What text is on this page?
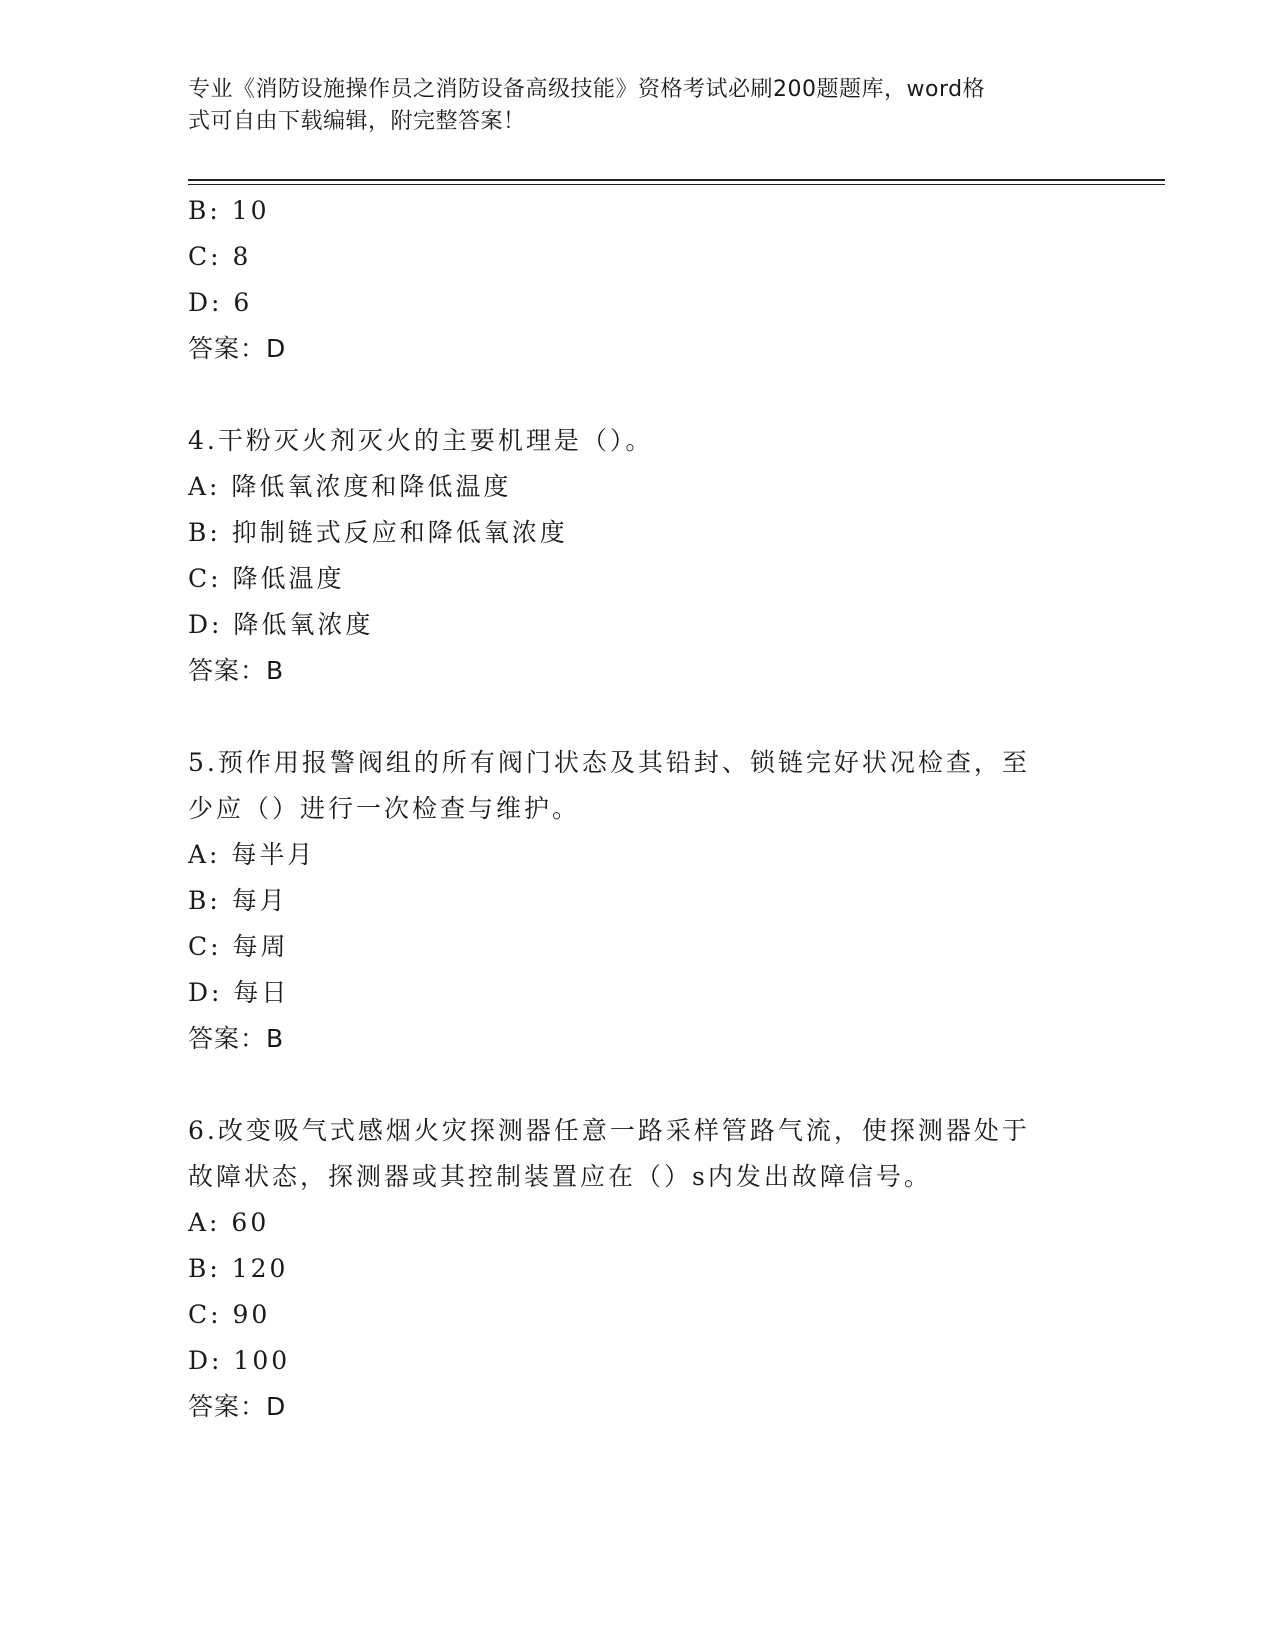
专业《消防设施操作员之消防设备高级技能》资格考试必刷200题题库，word格
式可自由下载编辑，附完整答案！
B: 10
C: 8
D: 6
答案：D
4.干粉灭火剂灭火的主要机理是（）。
A: 降低氧浓度和降低温度
B: 抑制链式反应和降低氧浓度
C: 降低温度
D: 降低氧浓度
答案：B
5.预作用报警阀组的所有阀门状态及其铅封、锁链完好状况检查，至
少应（）进行一次检查与维护。
A: 每半月
B: 每月
C: 每周
D: 每日
答案：B
6.改变吸气式感烟火灾探测器任意一路采样管路气流，使探测器处于
故障状态，探测器或其控制装置应在（）s内发出故障信号。
A: 60
B: 120
C: 90
D: 100
答案：D
